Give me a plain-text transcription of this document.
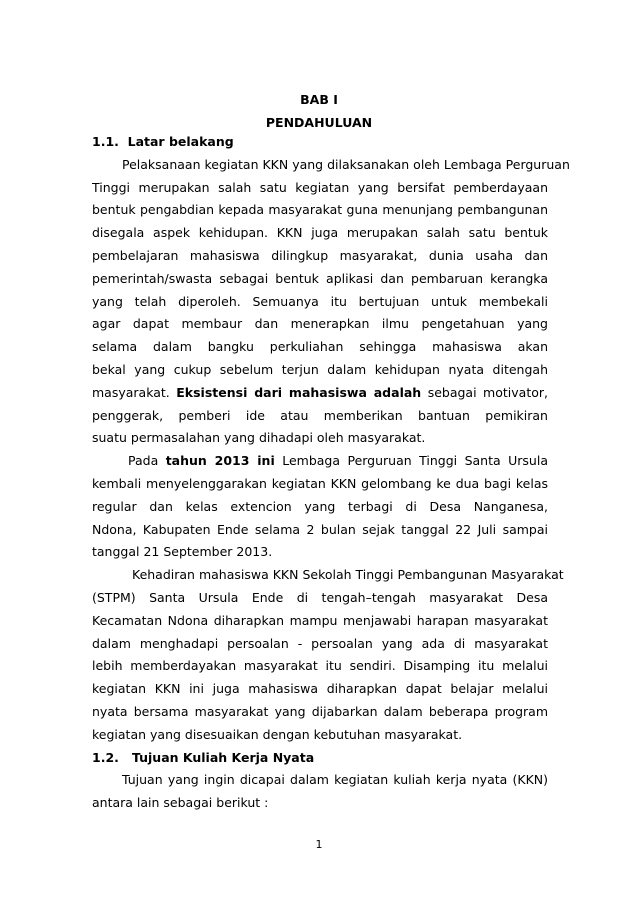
BAB I
PENDAHULUAN
1.1. Latar belakang
Pelaksanaan kegiatan KKN yang dilaksanakan oleh Lembaga Perguruan
Tinggi merupakan salah satu kegiatan yang bersifat pemberdayaan
bentuk pengabdian kepada masyarakat guna menunjang pembangunan
disegala aspek kehidupan. KKN juga merupakan salah satu bentuk
pembelajaran mahasiswa dilingkup masyarakat, dunia usaha dan
pemerintah/swasta sebagai bentuk aplikasi dan pembaruan kerangka
yang telah diperoleh. Semuanya itu bertujuan untuk membekali
agar dapat membaur dan menerapkan ilmu pengetahuan yang
selama dalam bangku perkuliahan sehingga mahasiswa akan
bekal yang cukup sebelum terjun dalam kehidupan nyata ditengah
masyarakat. Eksistensi dari mahasiswa adalah sebagai motivator,
penggerak, pemberi ide atau memberikan bantuan pemikiran
suatu permasalahan yang dihadapi oleh masyarakat.
Pada tahun 2013 ini Lembaga Perguruan Tinggi Santa Ursula
kembali menyelenggarakan kegiatan KKN gelombang ke dua bagi kelas
regular dan kelas extencion yang terbagi di Desa Nanganesa,
Ndona, Kabupaten Ende selama 2 bulan sejak tanggal 22 Juli sampai
tanggal 21 September 2013.
Kehadiran mahasiswa KKN Sekolah Tinggi Pembangunan Masyarakat
(STPM) Santa Ursula Ende di tengah–tengah masyarakat Desa
Kecamatan Ndona diharapkan mampu menjawabi harapan masyarakat
dalam menghadapi persoalan - persoalan yang ada di masyarakat
lebih memberdayakan masyarakat itu sendiri. Disamping itu melalui
kegiatan KKN ini juga mahasiswa diharapkan dapat belajar melalui
nyata bersama masyarakat yang dijabarkan dalam beberapa program
kegiatan yang disesuaikan dengan kebutuhan masyarakat.
1.2. Tujuan Kuliah Kerja Nyata
Tujuan yang ingin dicapai dalam kegiatan kuliah kerja nyata (KKN)
antara lain sebagai berikut :
1
